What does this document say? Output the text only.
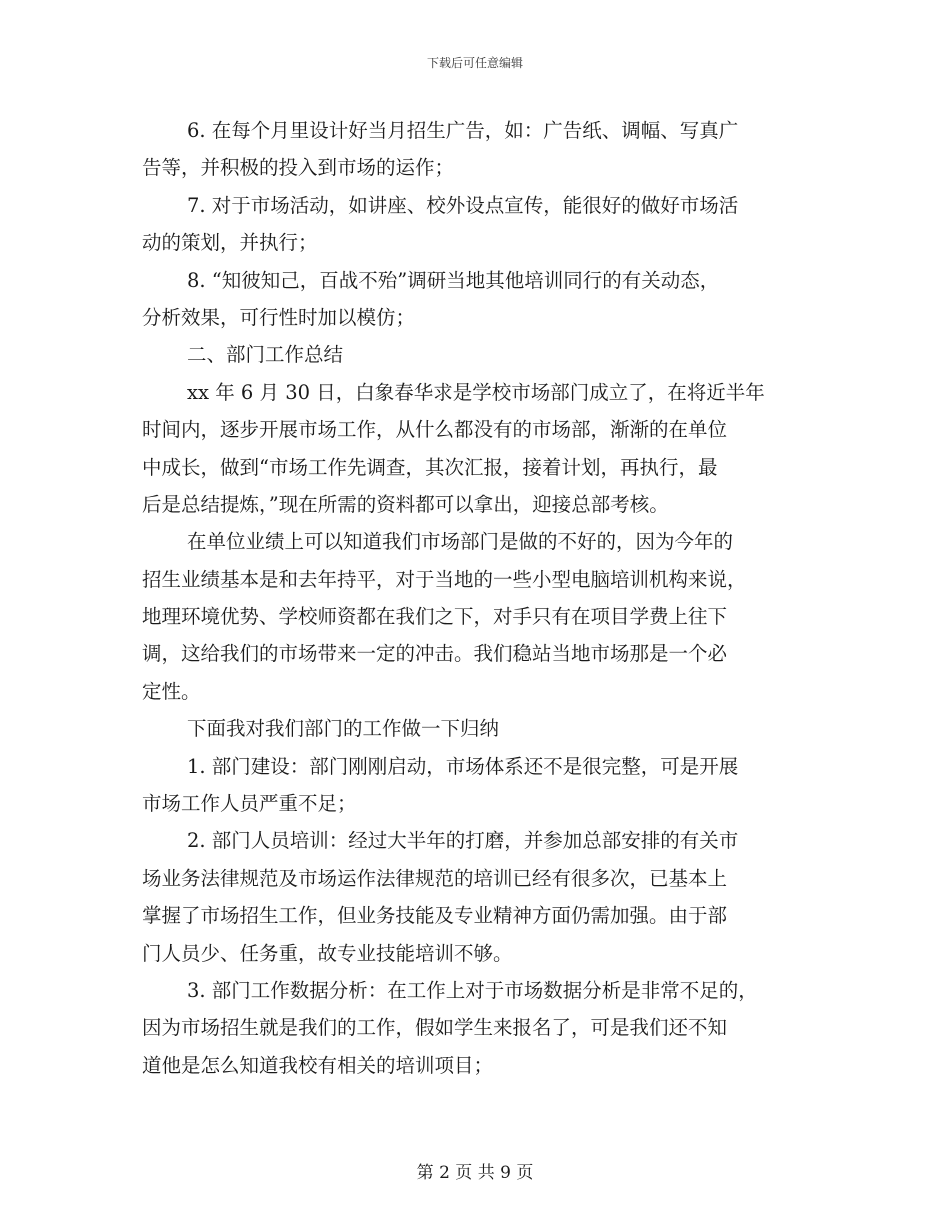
下载后可任意编辑
6. 在每个月里设计好当月招生广告，如：广告纸、调幅、写真广
告等，并积极的投入到市场的运作；
7. 对于市场活动，如讲座、校外设点宣传，能很好的做好市场活
动的策划，并执行；
8. “知彼知己，百战不殆”调研当地其他培训同行的有关动态，
分析效果，可行性时加以模仿；
二、部门工作总结
xx 年 6 月 30 日，白象春华求是学校市场部门成立了，在将近半年
时间内，逐步开展市场工作，从什么都没有的市场部，渐渐的在单位
中成长，做到“市场工作先调查，其次汇报，接着计划，再执行，最
后是总结提炼，”现在所需的资料都可以拿出，迎接总部考核。
在单位业绩上可以知道我们市场部门是做的不好的，因为今年的
招生业绩基本是和去年持平，对于当地的一些小型电脑培训机构来说，
地理环境优势、学校师资都在我们之下，对手只有在项目学费上往下
调，这给我们的市场带来一定的冲击。我们稳站当地市场那是一个必
定性。
下面我对我们部门的工作做一下归纳
1. 部门建设：部门刚刚启动，市场体系还不是很完整，可是开展
市场工作人员严重不足；
2. 部门人员培训：经过大半年的打磨，并参加总部安排的有关市
场业务法律规范及市场运作法律规范的培训已经有很多次，已基本上
掌握了市场招生工作，但业务技能及专业精神方面仍需加强。由于部
门人员少、任务重，故专业技能培训不够。
3. 部门工作数据分析：在工作上对于市场数据分析是非常不足的，
因为市场招生就是我们的工作，假如学生来报名了，可是我们还不知
道他是怎么知道我校有相关的培训项目；
第 2 页 共 9 页
